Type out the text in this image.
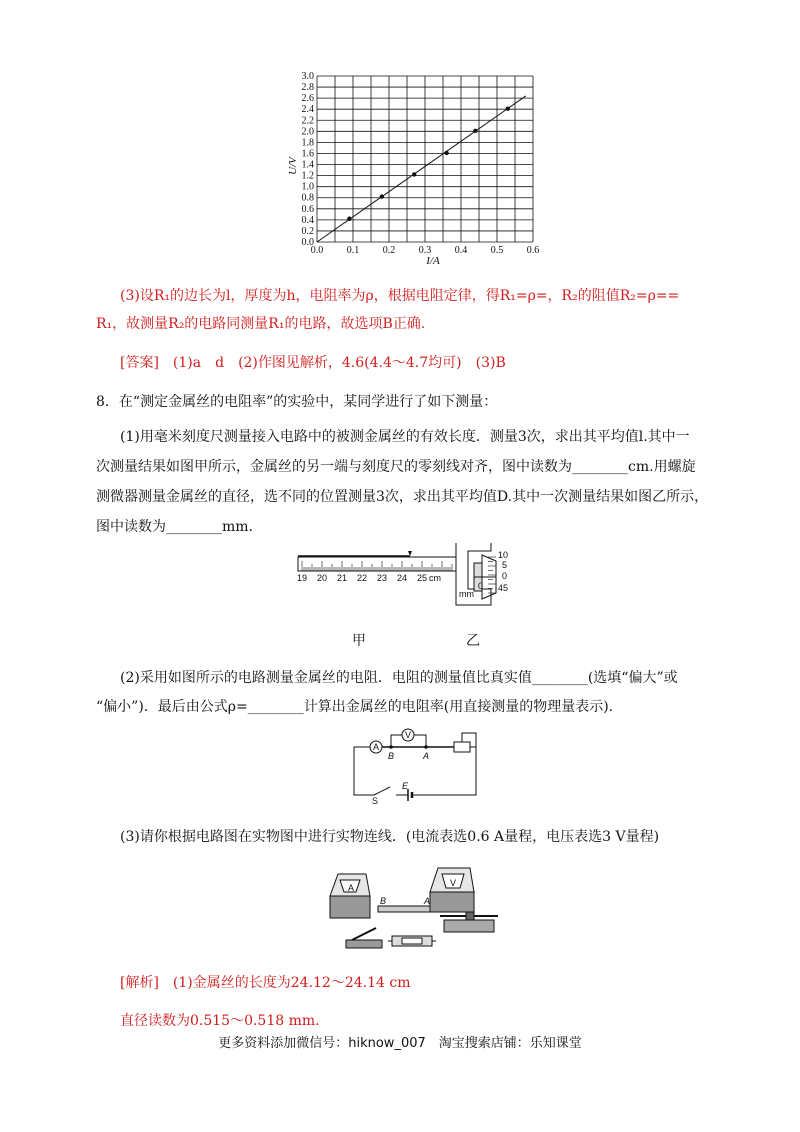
0.0
0.2
0.4
0.6
0.8
1.0
1.2
1.4
1.6
1.8
2.0
2.2
2.4
2.6
2.8
3.0
0.0 0.1 0.2 0.3 0.4 0.5 0.6
U/V
I/A
(3)设R₁的边长为l，厚度为h，电阻率为ρ，根据电阻定律，得R₁=ρ=，R₂的阻值R₂=ρ==
R₁，故测量R₂的电路同测量R₁的电路，故选项B正确.
[答案]　(1)a　d　(2)作图见解析，4.6(4.4～4.7均可)　(3)B
8．在“测定金属丝的电阻率”的实验中，某同学进行了如下测量：
(1)用毫米刻度尺测量接入电路中的被测金属丝的有效长度．测量3次，求出其平均值l.其中一
次测量结果如图甲所示，金属丝的另一端与刻度尺的零刻线对齐，图中读数为________cm.用螺旋
测微器测量金属丝的直径，选不同的位置测量3次，求出其平均值D.其中一次测量结果如图乙所示，
图中读数为________mm.
19 20 21 22 23 24 25 cm
10
5
0
45
0
mm
甲	乙
(2)采用如图所示的电路测量金属丝的电阻．电阻的测量值比真实值________(选填“偏大”或
“偏小”)．最后由公式ρ=________计算出金属丝的电阻率(用直接测量的物理量表示).
A
V
B	A
E
S
(3)请你根据电路图在实物图中进行实物连线．(电流表选0.6 A量程，电压表选3 V量程)
A
B	A
V
[解析]　(1)金属丝的长度为24.12～24.14 cm
直径读数为0.515～0.518 mm.
更多资料添加微信号：hiknow_007　淘宝搜索店铺：乐知课堂
